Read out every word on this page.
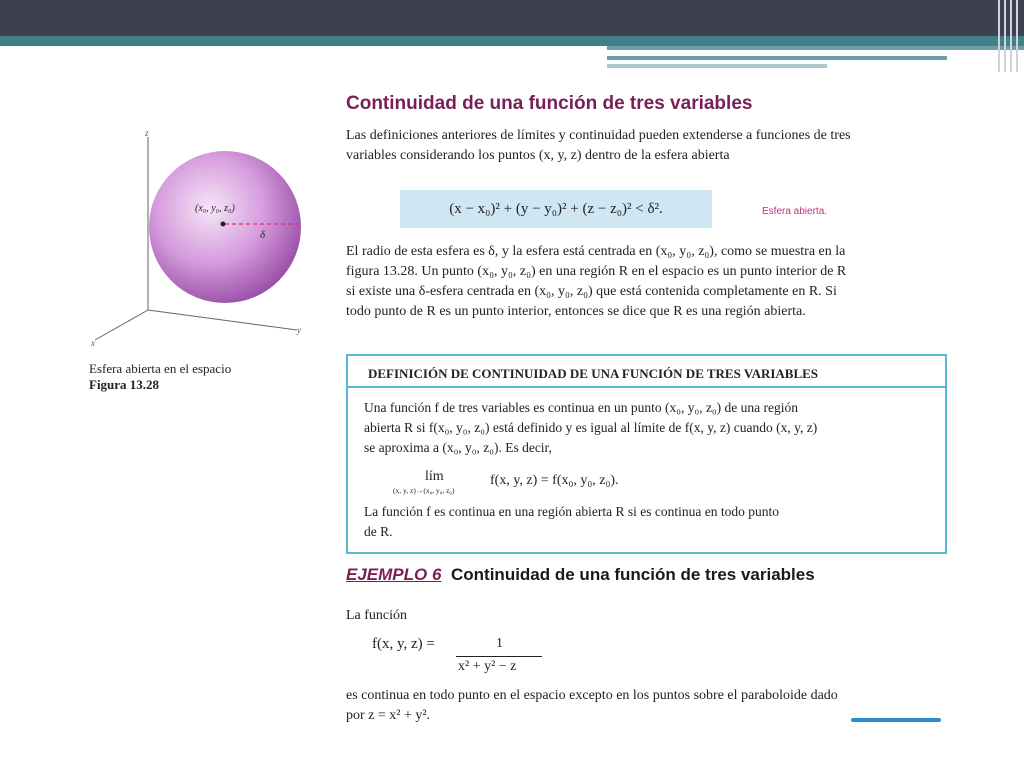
z
x
y
(x₀, y₀, z₀)
δ
Esfera abierta en el espacio
Figura 13.28
Continuidad de una función de tres variables
Las definiciones anteriores de límites y continuidad pueden extenderse a funciones de tres
variables considerando los puntos (x, y, z) dentro de la esfera abierta
(x − x₀)² + (y − y₀)² + (z − z₀)² < δ².	Esfera abierta.
El radio de esta esfera es δ, y la esfera está centrada en (x₀, y₀, z₀), como se muestra en la
figura 13.28. Un punto (x₀, y₀, z₀) en una región R en el espacio es un punto interior de R
si existe una δ-esfera centrada en (x₀, y₀, z₀) que está contenida completamente en R. Si
todo punto de R es un punto interior, entonces se dice que R es una región abierta.
DEFINICIÓN DE CONTINUIDAD DE UNA FUNCIÓN DE TRES VARIABLES
Una función f de tres variables es continua en un punto (x₀, y₀, z₀) de una región
abierta R si f(x₀, y₀, z₀) está definido y es igual al límite de f(x, y, z) cuando (x, y, z)
se aproxima a (x₀, y₀, z₀). Es decir,
La función f es continua en una región abierta R si es continua en todo punto
de R.
lím
(x, y, z)→(x₀, y₀, z₀)
f(x, y, z) = f(x₀, y₀, z₀).
EJEMPLO 6 Continuidad de una función de tres variables
La función
f(x, y, z) =	1
x² + y² − z
es continua en todo punto en el espacio excepto en los puntos sobre el paraboloide dado
por z = x² + y².
